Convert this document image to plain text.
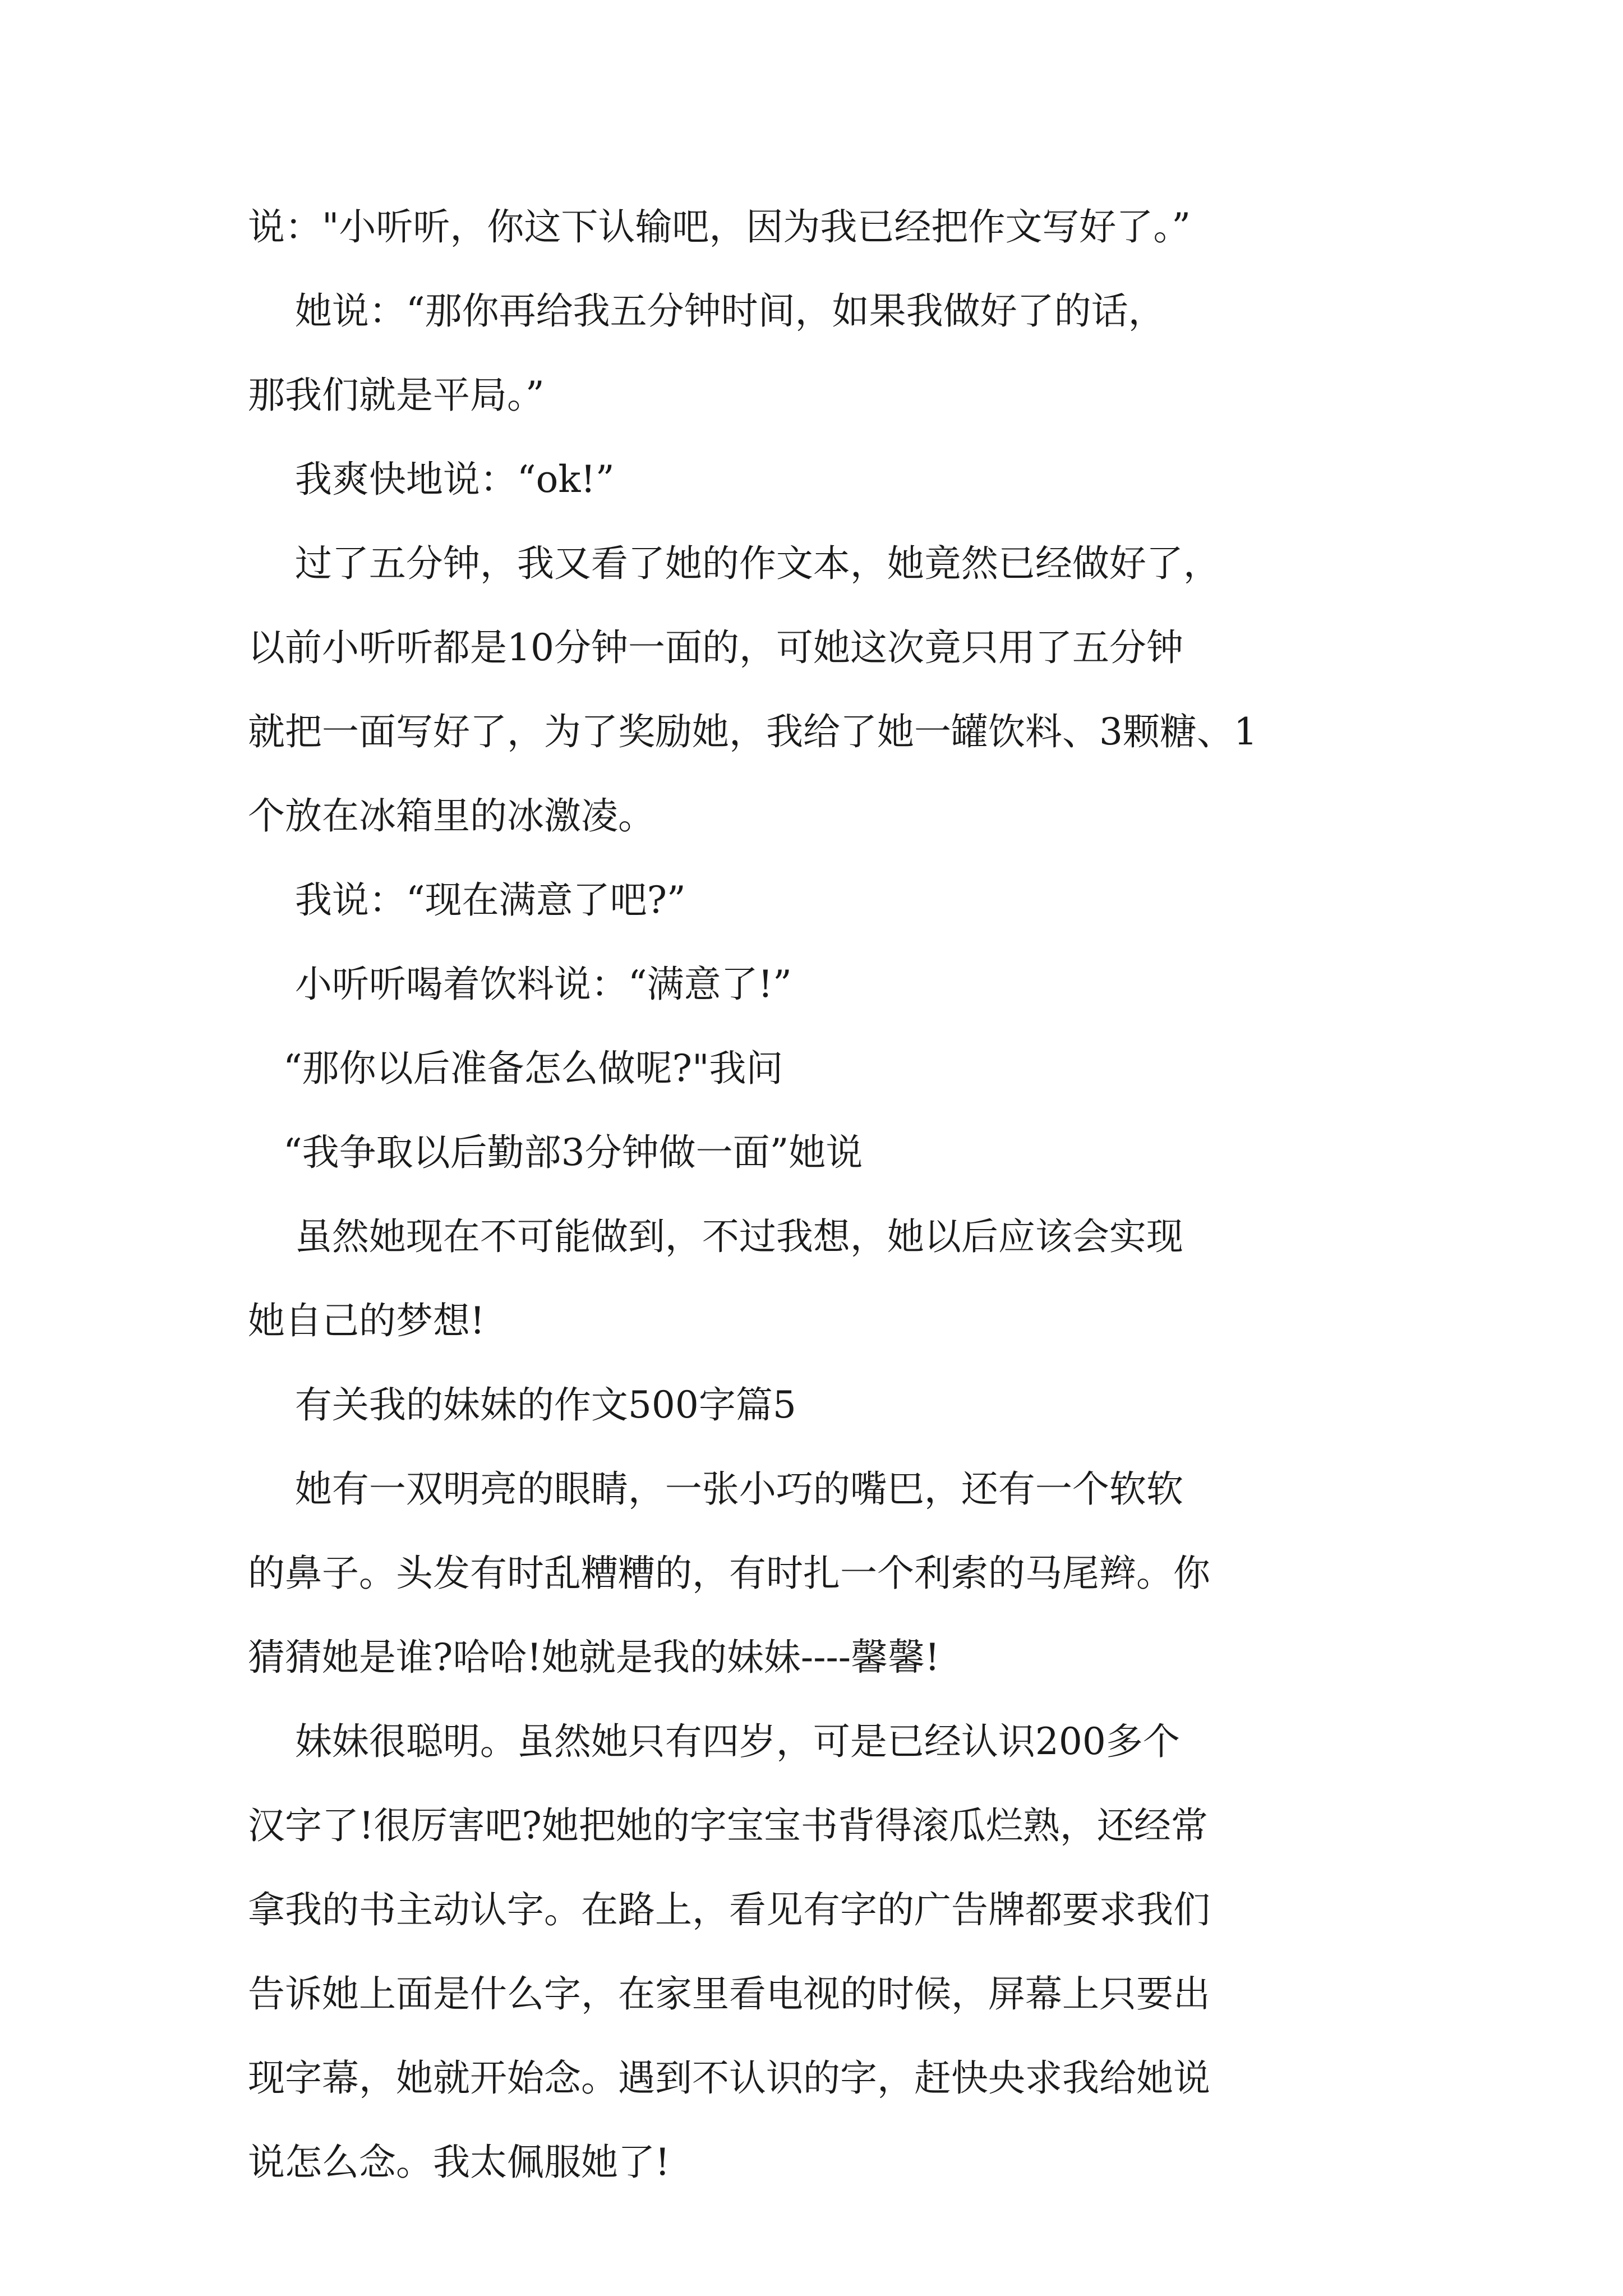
说："小听听，你这下认输吧，因为我已经把作文写好了。”
她说：“那你再给我五分钟时间，如果我做好了的话，
那我们就是平局。”
我爽快地说：“ok!”
过了五分钟，我又看了她的作文本，她竟然已经做好了，
以前小听听都是10分钟一面的，可她这次竟只用了五分钟
就把一面写好了，为了奖励她，我给了她一罐饮料、3颗糖、1
个放在冰箱里的冰激凌。
我说：“现在满意了吧?”
小听听喝着饮料说：“满意了!”
“那你以后准备怎么做呢?"我问
“我争取以后勤部3分钟做一面”她说
虽然她现在不可能做到，不过我想，她以后应该会实现
她自己的梦想!
有关我的妹妹的作文500字篇5
她有一双明亮的眼睛，一张小巧的嘴巴，还有一个软软
的鼻子。头发有时乱糟糟的，有时扎一个利索的马尾辫。你
猜猜她是谁?哈哈!她就是我的妹妹----馨馨!
妹妹很聪明。虽然她只有四岁，可是已经认识200多个
汉字了!很厉害吧?她把她的字宝宝书背得滚瓜烂熟，还经常
拿我的书主动认字。在路上，看见有字的广告牌都要求我们
告诉她上面是什么字，在家里看电视的时候，屏幕上只要出
现字幕，她就开始念。遇到不认识的字，赶快央求我给她说
说怎么念。我太佩服她了!
